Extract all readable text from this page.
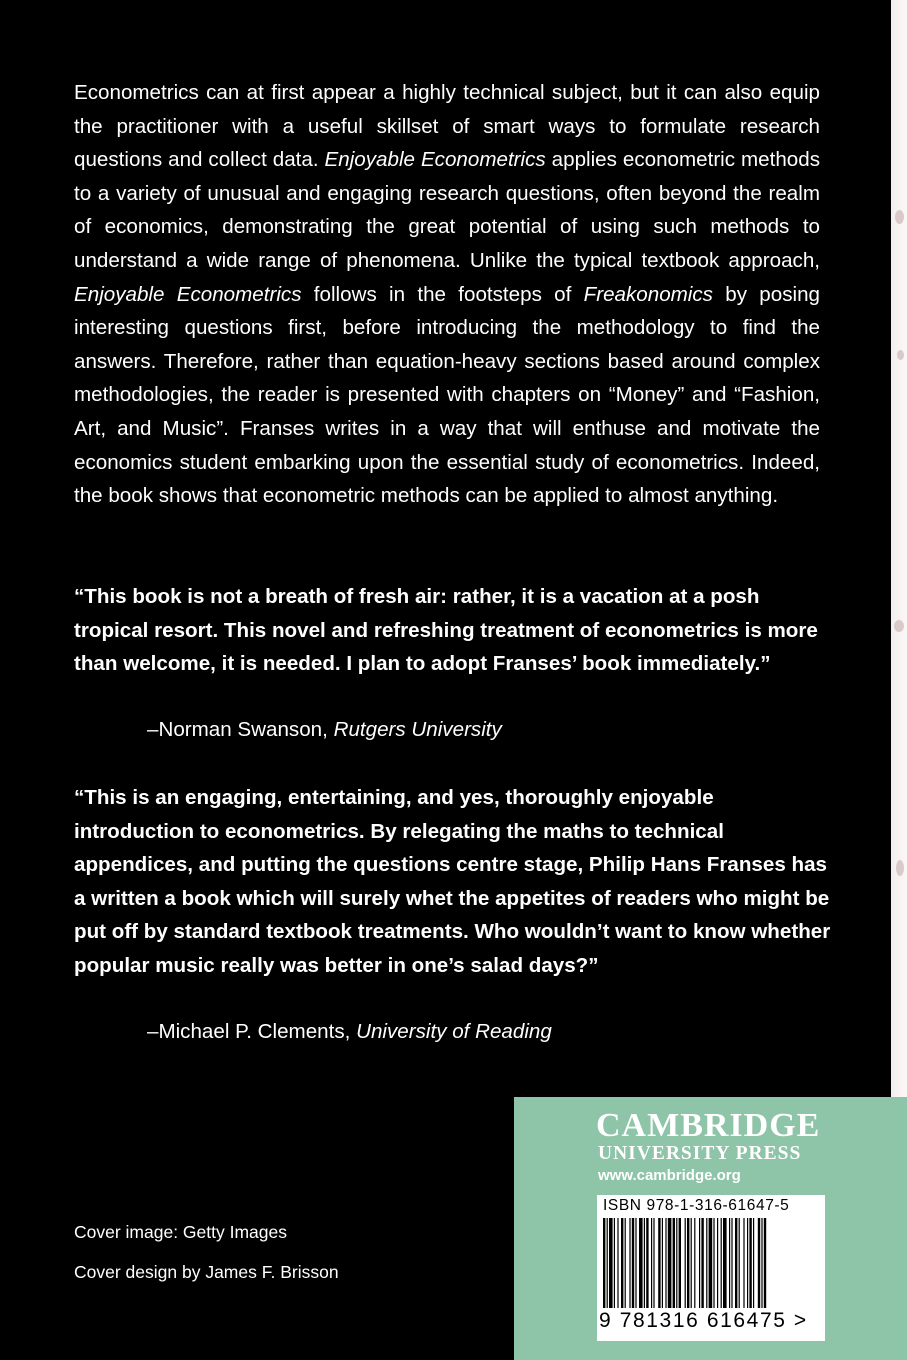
Econometrics can at first appear a highly technical subject, but it can also equip the practitioner with a useful skillset of smart ways to formulate research questions and collect data. Enjoyable Econometrics applies econometric methods to a variety of unusual and engaging research questions, often beyond the realm of economics, demonstrating the great potential of using such methods to understand a wide range of phenomena. Unlike the typical textbook approach, Enjoyable Econometrics follows in the footsteps of Freakonomics by posing interesting questions first, before introducing the methodology to find the answers. Therefore, rather than equation-heavy sections based around complex methodologies, the reader is presented with chapters on “Money” and “Fashion, Art, and Music”. Franses writes in a way that will enthuse and motivate the economics student embarking upon the essential study of econometrics. Indeed, the book shows that econometric methods can be applied to almost anything.

“This book is not a breath of fresh air: rather, it is a vacation at a posh tropical resort. This novel and refreshing treatment of econometrics is more than welcome, it is needed. I plan to adopt Franses’ book immediately.”

–Norman Swanson, Rutgers University

“This is an engaging, entertaining, and yes, thoroughly enjoyable introduction to econometrics. By relegating the maths to technical appendices, and putting the questions centre stage, Philip Hans Franses has a written a book which will surely whet the appetites of readers who might be put off by standard textbook treatments. Who wouldn’t want to know whether popular music really was better in one’s salad days?”

–Michael P. Clements, University of Reading

Cover image: Getty Images

Cover design by James F. Brisson

CAMBRIDGE
UNIVERSITY PRESS
www.cambridge.org
ISBN 978-1-316-61647-5
9 781316 616475 >
